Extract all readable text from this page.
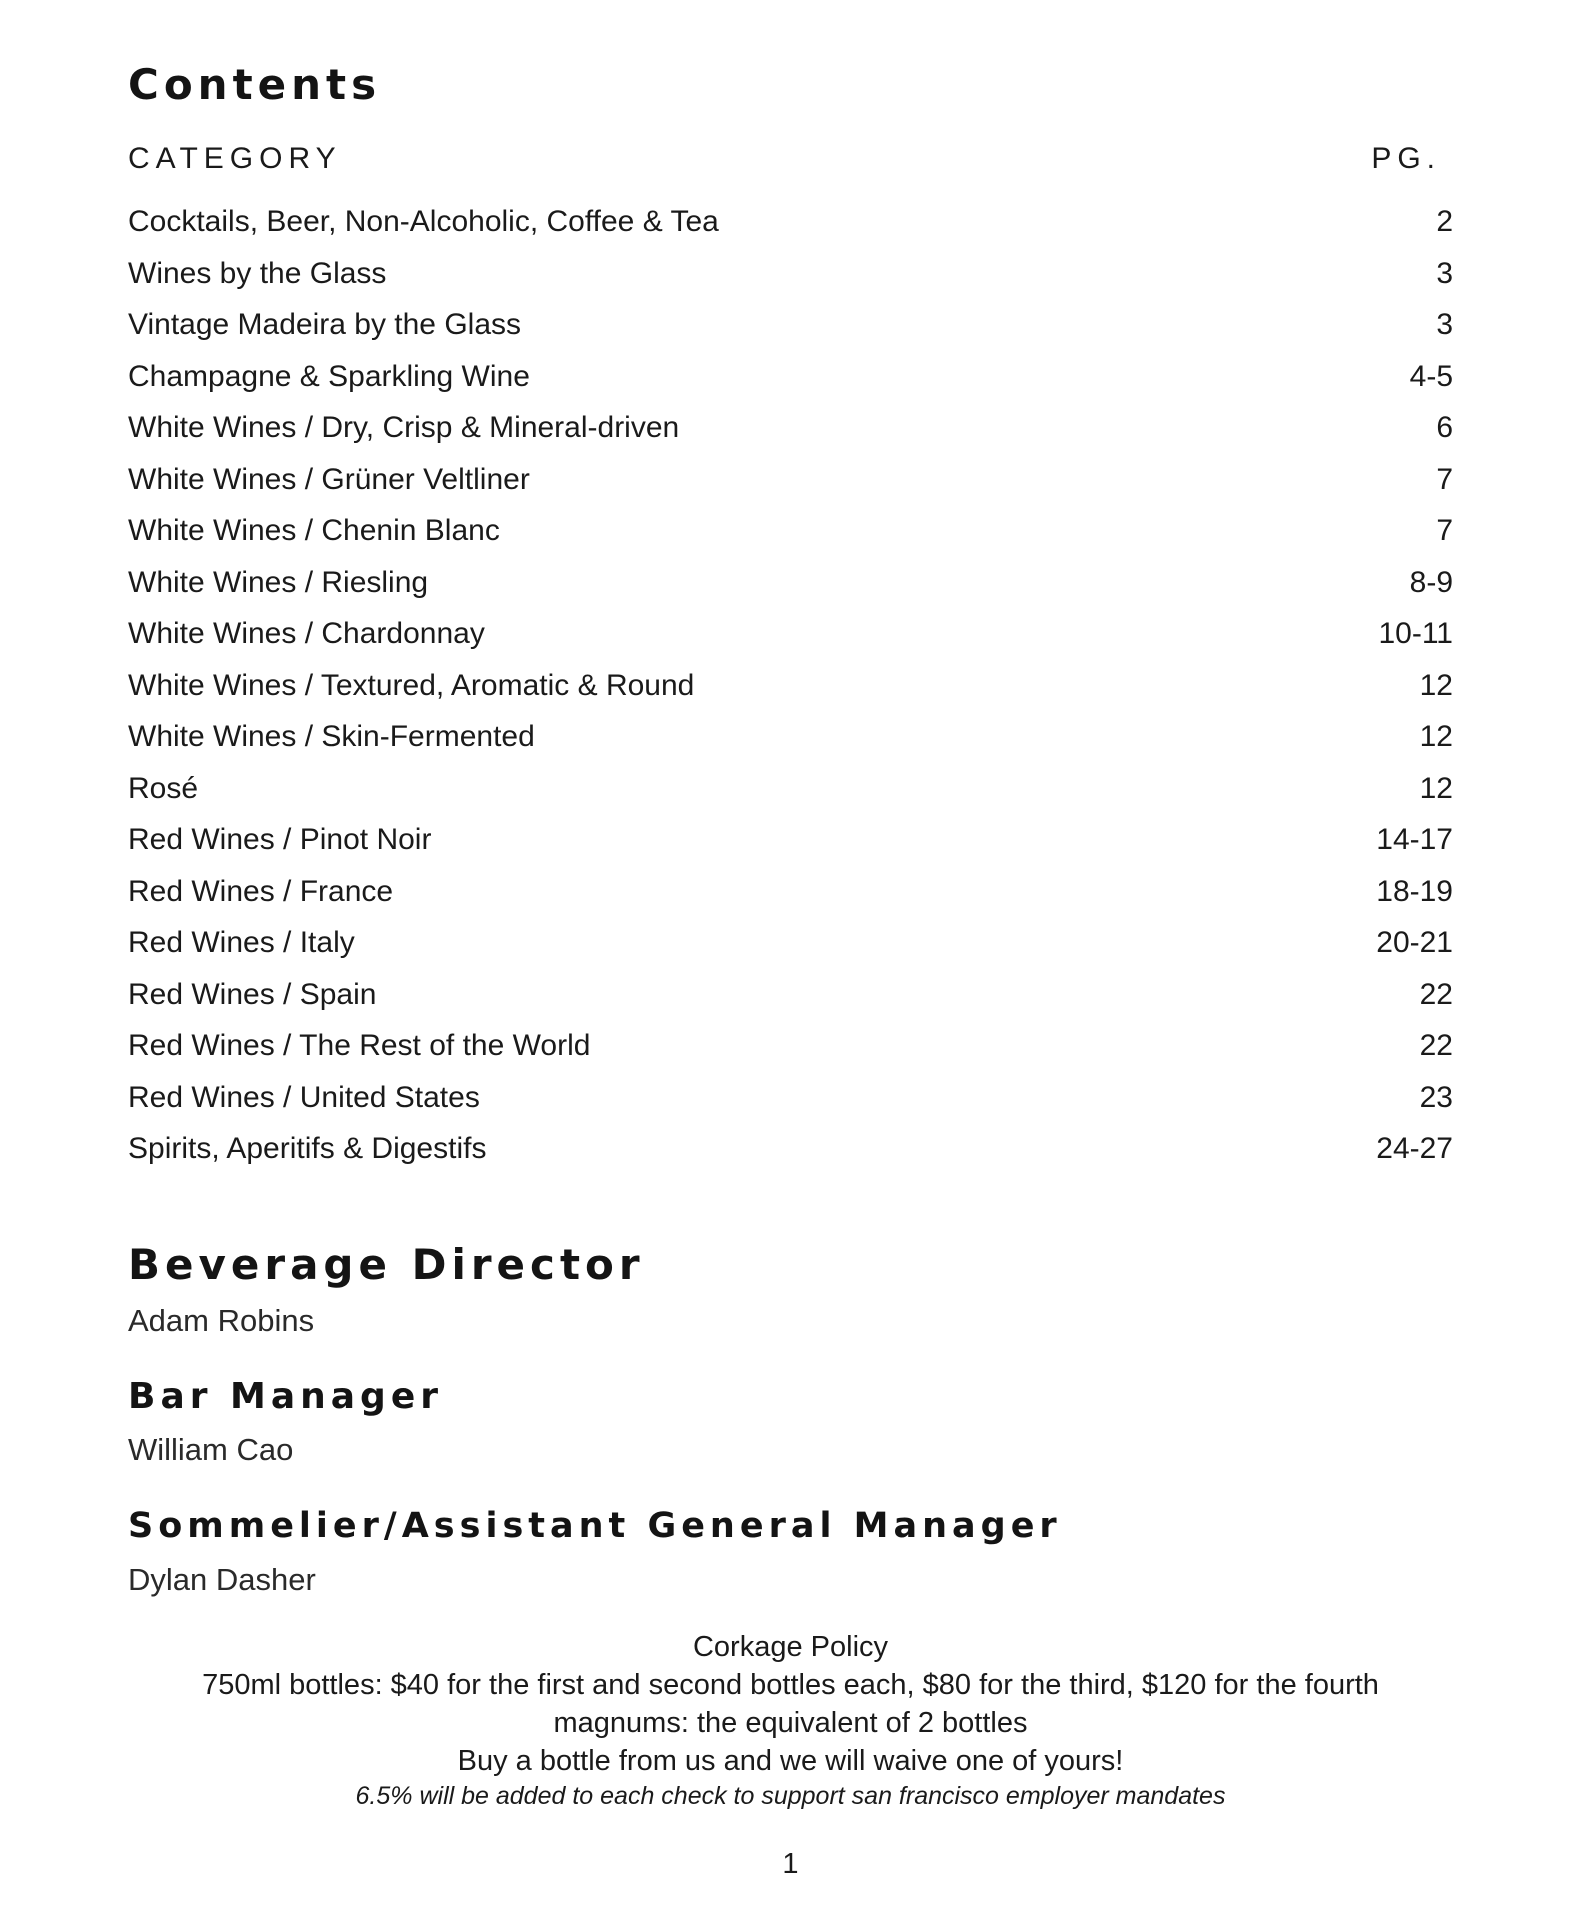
Contents
CATEGORY	PG.
Cocktails, Beer, Non-Alcoholic, Coffee & Tea	2
Wines by the Glass	3
Vintage Madeira by the Glass	3
Champagne & Sparkling Wine	4-5
White Wines / Dry, Crisp & Mineral-driven	6
White Wines / Grüner Veltliner	7
White Wines / Chenin Blanc	7
White Wines / Riesling	8-9
White Wines / Chardonnay	10-11
White Wines / Textured, Aromatic & Round	12
White Wines / Skin-Fermented	12
Rosé	12
Red Wines / Pinot Noir	14-17
Red Wines / France	18-19
Red Wines / Italy	20-21
Red Wines / Spain	22
Red Wines / The Rest of the World	22
Red Wines / United States	23
Spirits, Aperitifs & Digestifs	24-27
Beverage Director
Adam Robins
Bar Manager
William Cao
Sommelier/Assistant General Manager
Dylan Dasher
Corkage Policy
750ml bottles: $40 for the first and second bottles each, $80 for the third, $120 for the fourth
magnums: the equivalent of 2 bottles
Buy a bottle from us and we will waive one of yours!
6.5% will be added to each check to support san francisco employer mandates
1
